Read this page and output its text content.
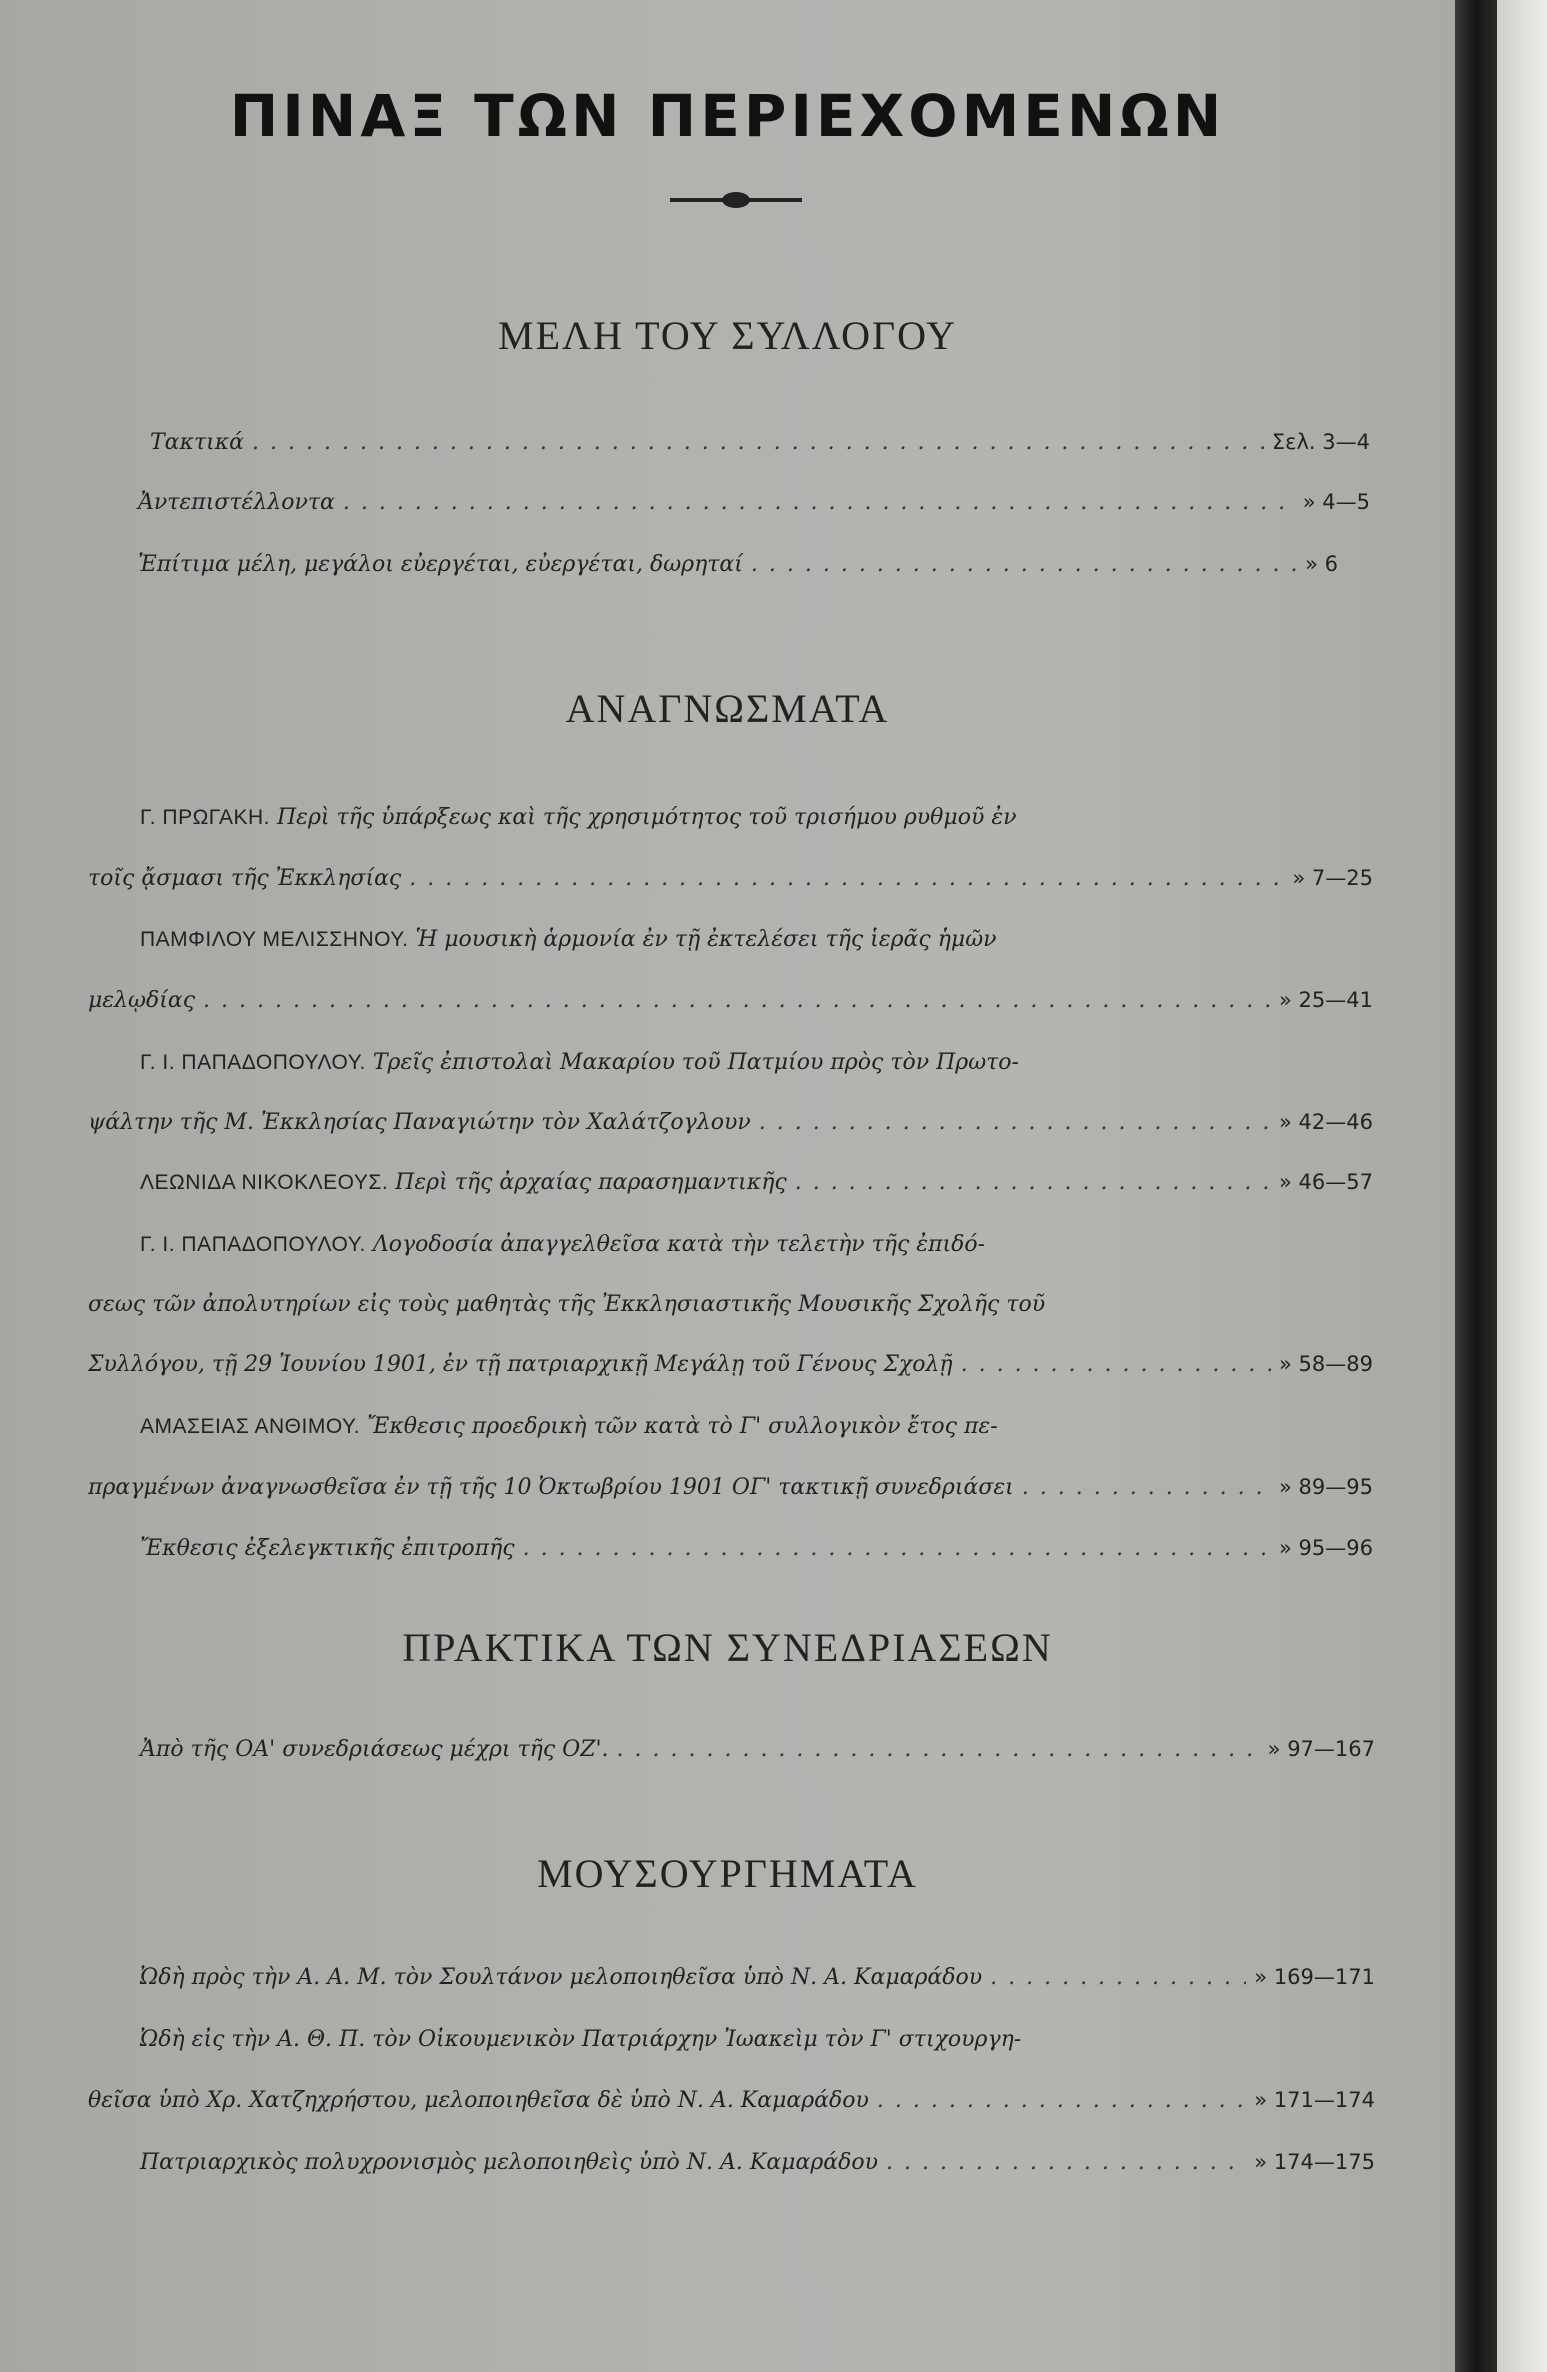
ΠΙΝΑΞ ΤΩΝ ΠΕΡΙΕΧΟΜΕΝΩΝ
ΜΕΛΗ ΤΟΥ ΣΥΛΛΟΓΟΥ
Τακτικά . . .	Σελ. 3—4
Ἀντεπιστέλλοντα . . .	» 4—5
Ἐπίτιμα μέλη, μεγάλοι εὐεργέται, εὐεργέται, δωρηταί . . .	» 6
ΑΝΑΓΝΩΣΜΑΤΑ
Γ. ΠΡΩΓΑΚΗ. Περὶ τῆς ὑπάρξεως καὶ τῆς χρησιμότητος τοῦ τρισήμου ρυθμοῦ ἐν
τοῖς ᾄσμασι τῆς Ἐκκλησίας . . .	» 7—25
ΠΑΜΦΙΛΟΥ ΜΕΛΙΣΣΗΝΟΥ. Ἡ μουσικὴ ἁρμονία ἐν τῇ ἐκτελέσει τῆς ἱερᾶς ἡμῶν
μελῳδίας . . .	» 25—41
Γ. Ι. ΠΑΠΑΔΟΠΟΥΛΟΥ. Τρεῖς ἐπιστολαὶ Μακαρίου τοῦ Πατμίου πρὸς τὸν Πρωτο-
ψάλτην τῆς Μ. Ἐκκλησίας Παναγιώτην τὸν Χαλάτζογλουν . . .	» 42—46
ΛΕΩΝΙΔΑ ΝΙΚΟΚΛΕΟΥΣ. Περὶ τῆς ἀρχαίας παρασημαντικῆς . . .	» 46—57
Γ. Ι. ΠΑΠΑΔΟΠΟΥΛΟΥ. Λογοδοσία ἀπαγγελθεῖσα κατὰ τὴν τελετὴν τῆς ἐπιδό-
σεως τῶν ἀπολυτηρίων εἰς τοὺς μαθητὰς τῆς Ἐκκλησιαστικῆς Μουσικῆς Σχολῆς τοῦ
Συλλόγου, τῇ 29 Ἰουνίου 1901, ἐν τῇ πατριαρχικῇ Μεγάλῃ τοῦ Γένους Σχολῇ . . .	» 58—89
ΑΜΑΣΕΙΑΣ ΑΝΘΙΜΟΥ. Ἔκθεσις προεδρικὴ τῶν κατὰ τὸ Γ' συλλογικὸν ἔτος πε-
πραγμένων ἀναγνωσθεῖσα ἐν τῇ τῆς 10 Ὀκτωβρίου 1901 ΟΓ' τακτικῇ συνεδριάσει . . .	» 89—95
Ἔκθεσις ἐξελεγκτικῆς ἐπιτροπῆς . . .	» 95—96
ΠΡΑΚΤΙΚΑ ΤΩΝ ΣΥΝΕΔΡΙΑΣΕΩΝ
Ἀπὸ τῆς ΟΑ' συνεδριάσεως μέχρι τῆς ΟΖ'. . . .	» 97—167
ΜΟΥΣΟΥΡΓΗΜΑΤΑ
Ὠδὴ πρὸς τὴν Α. Α. Μ. τὸν Σουλτάνον μελοποιηθεῖσα ὑπὸ Ν. Α. Καμαράδου . . .	» 169—171
Ὠδὴ εἰς τὴν Α. Θ. Π. τὸν Οἰκουμενικὸν Πατριάρχην Ἰωακεὶμ τὸν Γ' στιχουργη-
θεῖσα ὑπὸ Χρ. Χατζηχρήστου, μελοποιηθεῖσα δὲ ὑπὸ Ν. Α. Καμαράδου . . .	» 171—174
Πατριαρχικὸς πολυχρονισμὸς μελοποιηθεὶς ὑπὸ Ν. Α. Καμαράδου . . .	» 174—175
